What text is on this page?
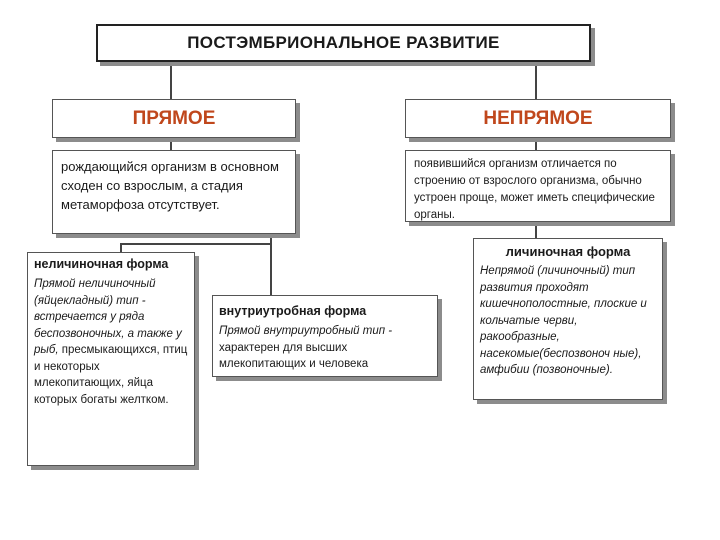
ПОСТЭМБРИОНАЛЬНОЕ РАЗВИТИЕ
ПРЯМОЕ
рождающийся организм в основном сходен со взрослым, а стадия метаморфоза отсутствует.
НЕПРЯМОЕ
появившийся организм отличается по строению от взрослого организма, обычно устроен проще, может иметь специфические органы.
неличиночная форма
Прямой неличиночный (яйцекладный) тип - встречается у ряда беспозвоночных, а также у рыб, пресмыкающихся, птиц и некоторых млекопитающих, яйца которых богаты желтком.
внутриутробная форма
Прямой внутриутробный тип - характерен для высших млекопитающих и человека
личиночная форма
Непрямой (личиночный) тип развития проходят кишечнополостные, плоские и кольчатые черви, ракообразные, насекомые(беспозвоноч ные), амфибии (позвоночные).
